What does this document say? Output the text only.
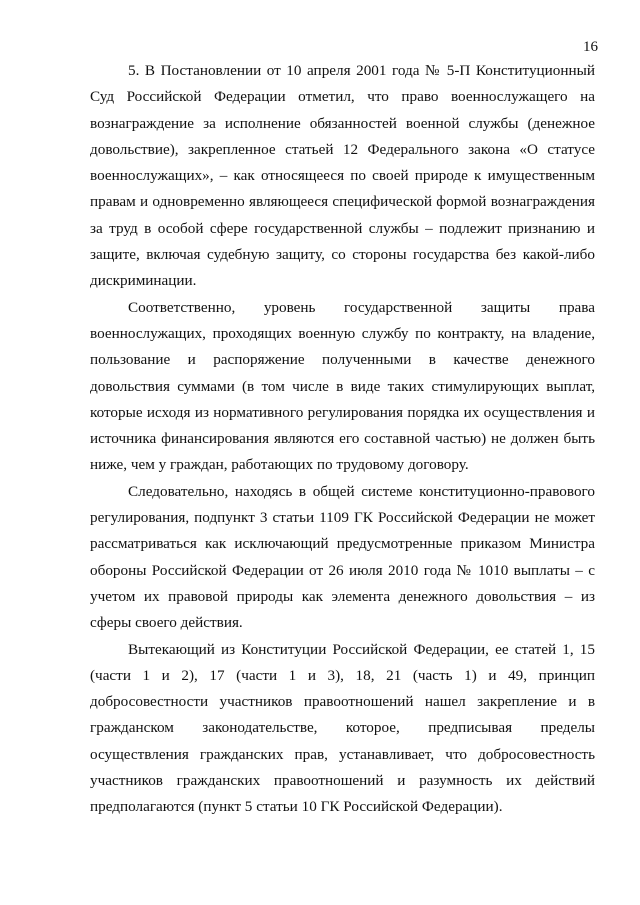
16

5. В Постановлении от 10 апреля 2001 года № 5-П Конституционный Суд Российской Федерации отметил, что право военнослужащего на вознаграждение за исполнение обязанностей военной службы (денежное довольствие), закрепленное статьей 12 Федерального закона «О статусе военнослужащих», – как относящееся по своей природе к имущественным правам и одновременно являющееся специфической формой вознаграждения за труд в особой сфере государственной службы – подлежит признанию и защите, включая судебную защиту, со стороны государства без какой-либо дискриминации.

Соответственно, уровень государственной защиты права военнослужащих, проходящих военную службу по контракту, на владение, пользование и распоряжение полученными в качестве денежного довольствия суммами (в том числе в виде таких стимулирующих выплат, которые исходя из нормативного регулирования порядка их осуществления и источника финансирования являются его составной частью) не должен быть ниже, чем у граждан, работающих по трудовому договору.

Следовательно, находясь в общей системе конституционно-правового регулирования, подпункт 3 статьи 1109 ГК Российской Федерации не может рассматриваться как исключающий предусмотренные приказом Министра обороны Российской Федерации от 26 июля 2010 года № 1010 выплаты – с учетом их правовой природы как элемента денежного довольствия – из сферы своего действия.

Вытекающий из Конституции Российской Федерации, ее статей 1, 15 (части 1 и 2), 17 (части 1 и 3), 18, 21 (часть 1) и 49, принцип добросовестности участников правоотношений нашел закрепление и в гражданском законодательстве, которое, предписывая пределы осуществления гражданских прав, устанавливает, что добросовестность участников гражданских правоотношений и разумность их действий предполагаются (пункт 5 статьи 10 ГК Российской Федерации).
